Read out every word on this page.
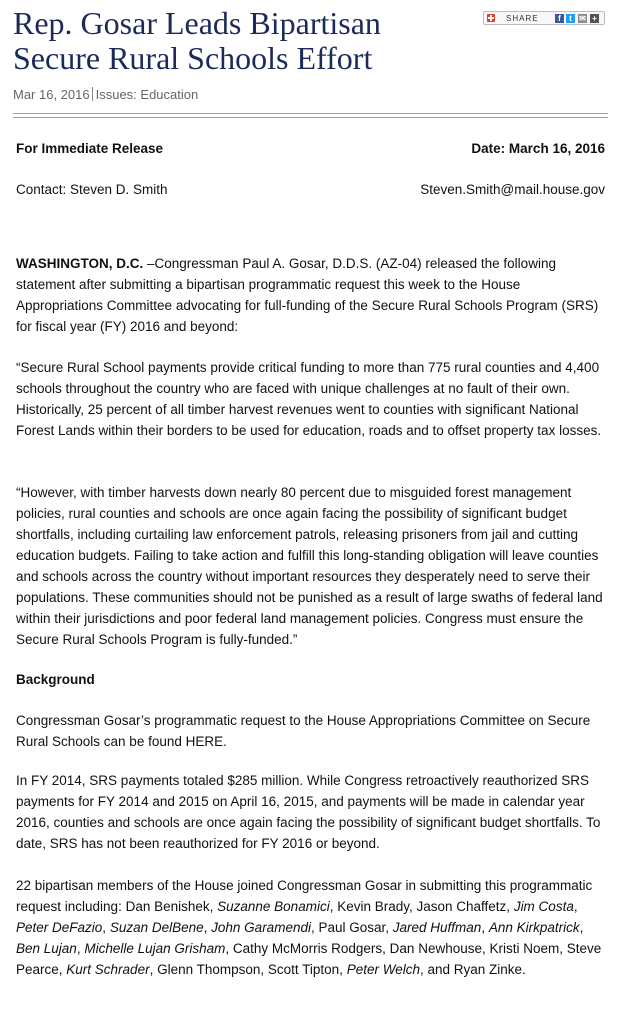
Rep. Gosar Leads Bipartisan Secure Rural Schools Effort
SHARE	f	t ✉ +
Mar 16, 2016 Issues: Education
For Immediate Release	Date: March 16, 2016
Contact: Steven D. Smith	Steven.Smith@mail.house.gov

WASHINGTON, D.C. –Congressman Paul A. Gosar, D.D.S. (AZ-04) released the following statement after submitting a bipartisan programmatic request this week to the House Appropriations Committee advocating for full-funding of the Secure Rural Schools Program (SRS) for fiscal year (FY) 2016 and beyond:

“Secure Rural School payments provide critical funding to more than 775 rural counties and 4,400 schools throughout the country who are faced with unique challenges at no fault of their own. Historically, 25 percent of all timber harvest revenues went to counties with significant National Forest Lands within their borders to be used for education, roads and to offset property tax losses.

“However, with timber harvests down nearly 80 percent due to misguided forest management policies, rural counties and schools are once again facing the possibility of significant budget shortfalls, including curtailing law enforcement patrols, releasing prisoners from jail and cutting education budgets. Failing to take action and fulfill this long-standing obligation will leave counties and schools across the country without important resources they desperately need to serve their populations. These communities should not be punished as a result of large swaths of federal land within their jurisdictions and poor federal land management policies. Congress must ensure the Secure Rural Schools Program is fully-funded.”

Background

Congressman Gosar’s programmatic request to the House Appropriations Committee on Secure Rural Schools can be found HERE.

In FY 2014, SRS payments totaled $285 million. While Congress retroactively reauthorized SRS payments for FY 2014 and 2015 on April 16, 2015, and payments will be made in calendar year 2016, counties and schools are once again facing the possibility of significant budget shortfalls. To date, SRS has not been reauthorized for FY 2016 or beyond.

22 bipartisan members of the House joined Congressman Gosar in submitting this programmatic request including: Dan Benishek, Suzanne Bonamici, Kevin Brady, Jason Chaffetz, Jim Costa, Peter DeFazio, Suzan DelBene, John Garamendi, Paul Gosar, Jared Huffman, Ann Kirkpatrick, Ben Lujan, Michelle Lujan Grisham, Cathy McMorris Rodgers, Dan Newhouse, Kristi Noem, Steve Pearce, Kurt Schrader, Glenn Thompson, Scott Tipton, Peter Welch, and Ryan Zinke.
